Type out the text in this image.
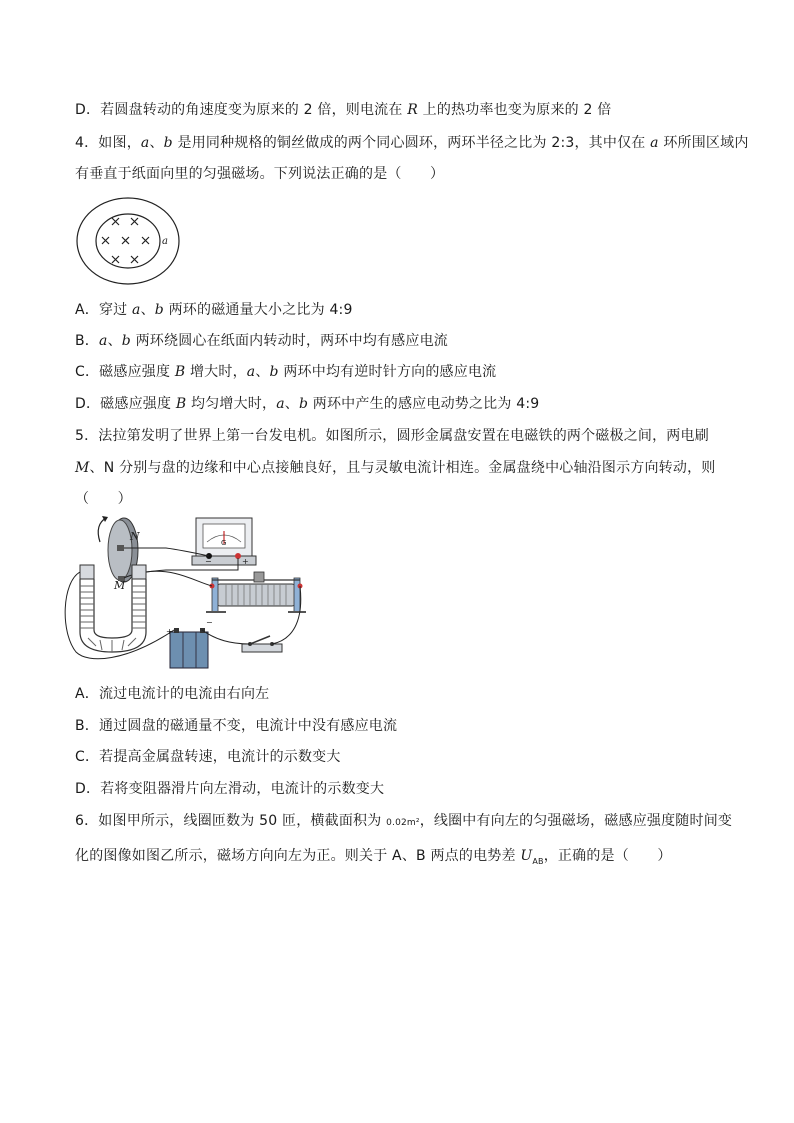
D．若圆盘转动的角速度变为原来的 2 倍，则电流在 R 上的热功率也变为原来的 2 倍
4．如图，a、b 是用同种规格的铜丝做成的两个同心圆环，两环半径之比为 2:3，其中仅在 a 环所围区域内
有垂直于纸面向里的匀强磁场。下列说法正确的是（　　）
a
A．穿过 a、b 两环的磁通量大小之比为 4:9
B．a、b 两环绕圆心在纸面内转动时，两环中均有感应电流
C．磁感应强度 B 增大时，a、b 两环中均有逆时针方向的感应电流
D．磁感应强度 B 均匀增大时，a、b 两环中产生的感应电动势之比为 4:9
5．法拉第发明了世界上第一台发电机。如图所示，圆形金属盘安置在电磁铁的两个磁极之间，两电刷
M、N 分别与盘的边缘和中心点接触良好，且与灵敏电流计相连。金属盘绕中心轴沿图示方向转动，则
（　　）
N
M
G
−	+
+
−
A．流过电流计的电流由右向左
B．通过圆盘的磁通量不变，电流计中没有感应电流
C．若提高金属盘转速，电流计的示数变大
D．若将变阻器滑片向左滑动，电流计的示数变大
6．如图甲所示，线圈匝数为 50 匝，横截面积为 0.02m²，线圈中有向左的匀强磁场，磁感应强度随时间变
化的图像如图乙所示，磁场方向向左为正。则关于 A、B 两点的电势差 $U_{AB}$，正确的是（　　）
